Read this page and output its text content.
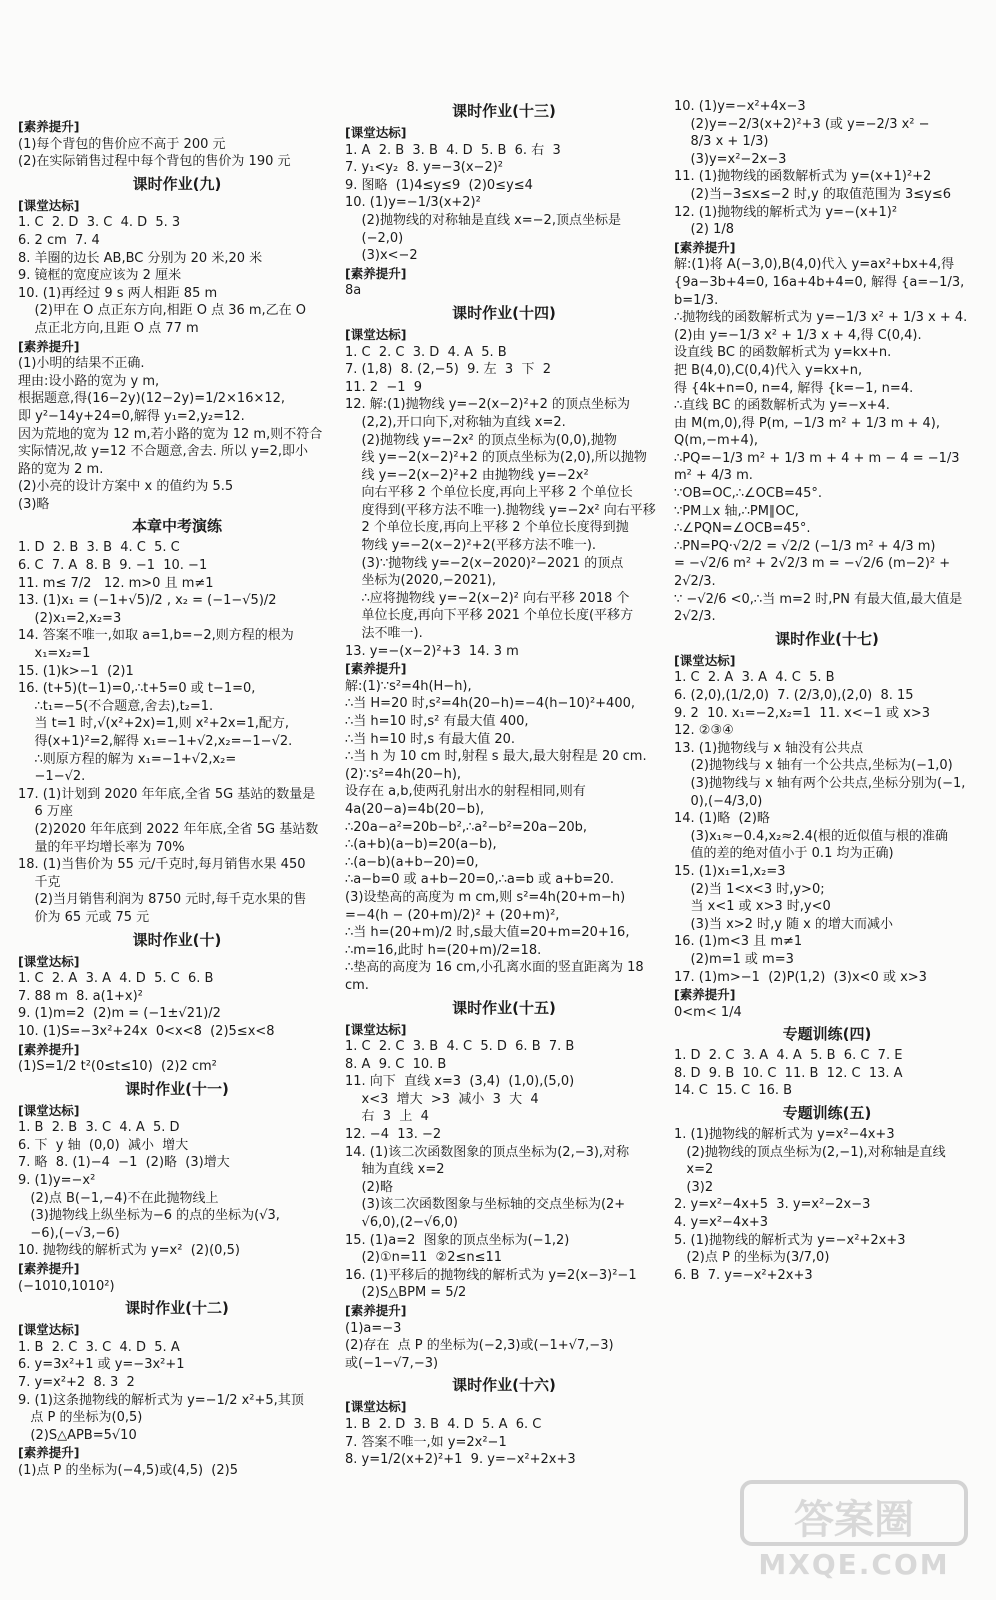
[素养提升]
(1)每个背包的售价应不高于 200 元
(2)在实际销售过程中每个背包的售价为 190 元
课时作业(九)
[课堂达标]
1. C  2. D  3. C  4. D  5. 3
6. 2 cm  7. 4
8. 羊圈的边长 AB,BC 分别为 20 米,20 米
9. 镜框的宽度应该为 2 厘米
10. (1)再经过 9 s 两人相距 85 m
(2)甲在 O 点正东方向,相距 O 点 36 m,乙在 O
点正北方向,且距 O 点 77 m
[素养提升]
(1)小明的结果不正确.
理由:设小路的宽为 y m,
根据题意,得(16−2y)(12−2y)=1/2×16×12,
即 y²−14y+24=0,解得 y₁=2,y₂=12.
因为荒地的宽为 12 m,若小路的宽为 12 m,则不符合
实际情况,故 y=12 不合题意,舍去. 所以 y=2,即小
路的宽为 2 m.
(2)小亮的设计方案中 x 的值约为 5.5
(3)略
本章中考演练
1. D  2. B  3. B  4. C  5. C
6. C  7. A  8. B  9. −1  10. −1
11. m≤ 7/2   12. m>0 且 m≠1
13. (1)x₁ = (−1+√5)/2 , x₂ = (−1−√5)/2
(2)x₁=2,x₂=3
14. 答案不唯一,如取 a=1,b=−2,则方程的根为
x₁=x₂=1
15. (1)k>−1  (2)1
16. (t+5)(t−1)=0,∴t+5=0 或 t−1=0,
∴t₁=−5(不合题意,舍去),t₂=1.
当 t=1 时,√(x²+2x)=1,则 x²+2x=1,配方,
得(x+1)²=2,解得 x₁=−1+√2,x₂=−1−√2.
∴则原方程的解为 x₁=−1+√2,x₂=
−1−√2.
17. (1)计划到 2020 年年底,全省 5G 基站的数量是
6 万座
(2)2020 年年底到 2022 年年底,全省 5G 基站数
量的年平均增长率为 70%
18. (1)当售价为 55 元/千克时,每月销售水果 450
千克
(2)当月销售利润为 8750 元时,每千克水果的售
价为 65 元或 75 元
课时作业(十)
[课堂达标]
1. C  2. A  3. A  4. D  5. C  6. B
7. 88 m  8. a(1+x)²
9. (1)m=2  (2)m = (−1±√21)/2
10. (1)S=−3x²+24x  0<x<8  (2)5≤x<8
[素养提升]
(1)S=1/2 t²(0≤t≤10)  (2)2 cm²
课时作业(十一)
[课堂达标]
1. B  2. B  3. C  4. A  5. D
6. 下  y 轴  (0,0)  减小  增大
7. 略  8. (1)−4  −1  (2)略  (3)增大
9. (1)y=−x²
(2)点 B(−1,−4)不在此抛物线上
(3)抛物线上纵坐标为−6 的点的坐标为(√3,
−6),(−√3,−6)
10. 抛物线的解析式为 y=x²  (2)(0,5)
[素养提升]
(−1010,1010²)
课时作业(十二)
[课堂达标]
1. B  2. C  3. C  4. D  5. A
6. y=3x²+1 或 y=−3x²+1
7. y=x²+2  8. 3  2
9. (1)这条抛物线的解析式为 y=−1/2 x²+5,其顶
点 P 的坐标为(0,5)
(2)S△APB=5√10
[素养提升]
(1)点 P 的坐标为(−4,5)或(4,5)  (2)5
课时作业(十三)
[课堂达标]
1. A  2. B  3. B  4. D  5. B  6. 右  3
7. y₁<y₂  8. y=−3(x−2)²
9. 图略  (1)4≤y≤9  (2)0≤y≤4
10. (1)y=−1/3(x+2)²
(2)抛物线的对称轴是直线 x=−2,顶点坐标是
(−2,0)
(3)x<−2
[素养提升]
8a
课时作业(十四)
[课堂达标]
1. C  2. C  3. D  4. A  5. B
7. (1,8)  8. (2,−5)  9. 左  3  下  2
11. 2  −1  9
12. 解:(1)抛物线 y=−2(x−2)²+2 的顶点坐标为
(2,2),开口向下,对称轴为直线 x=2.
(2)抛物线 y=−2x² 的顶点坐标为(0,0),抛物
线 y=−2(x−2)²+2 的顶点坐标为(2,0),所以抛物
线 y=−2(x−2)²+2 由抛物线 y=−2x²
向右平移 2 个单位长度,再向上平移 2 个单位长
度得到(平移方法不唯一).抛物线 y=−2x² 向右平移
2 个单位长度,再向上平移 2 个单位长度得到抛
物线 y=−2(x−2)²+2(平移方法不唯一).
(3)∵抛物线 y=−2(x−2020)²−2021 的顶点
坐标为(2020,−2021),
∴应将抛物线 y=−2(x−2)² 向右平移 2018 个
单位长度,再向下平移 2021 个单位长度(平移方
法不唯一).
13. y=−(x−2)²+3  14. 3 m
[素养提升]
解:(1)∵s²=4h(H−h),
∴当 H=20 时,s²=4h(20−h)=−4(h−10)²+400,
∴当 h=10 时,s² 有最大值 400,
∴当 h=10 时,s 有最大值 20.
∴当 h 为 10 cm 时,射程 s 最大,最大射程是 20 cm.
(2)∵s²=4h(20−h),
设存在 a,b,使两孔射出水的射程相同,则有
4a(20−a)=4b(20−b),
∴20a−a²=20b−b²,∴a²−b²=20a−20b,
∴(a+b)(a−b)=20(a−b),
∴(a−b)(a+b−20)=0,
∴a−b=0 或 a+b−20=0,∴a=b 或 a+b=20.
(3)设垫高的高度为 m cm,则 s²=4h(20+m−h)
=−4(h − (20+m)/2)² + (20+m)²,
∴当 h=(20+m)/2 时,s最大值=20+m=20+16,
∴m=16,此时 h=(20+m)/2=18.
∴垫高的高度为 16 cm,小孔离水面的竖直距离为 18 cm.
课时作业(十五)
[课堂达标]
1. C  2. C  3. B  4. C  5. D  6. B  7. B
8. A  9. C  10. B
11. 向下  直线 x=3  (3,4)  (1,0),(5,0)
x<3  增大  >3  减小  3  大  4
右  3  上  4
12. −4  13. −2
14. (1)该二次函数图象的顶点坐标为(2,−3),对称
轴为直线 x=2
(2)略
(3)该二次函数图象与坐标轴的交点坐标为(2+
√6,0),(2−√6,0)
15. (1)a=2  图象的顶点坐标为(−1,2)
(2)①n=11  ②2≤n≤11
16. (1)平移后的抛物线的解析式为 y=2(x−3)²−1
(2)S△BPM = 5/2
[素养提升]
(1)a=−3
(2)存在  点 P 的坐标为(−2,3)或(−1+√7,−3)
或(−1−√7,−3)
课时作业(十六)
[课堂达标]
1. B  2. D  3. B  4. D  5. A  6. C
7. 答案不唯一,如 y=2x²−1
8. y=1/2(x+2)²+1  9. y=−x²+2x+3
10. (1)y=−x²+4x−3
(2)y=−2/3(x+2)²+3 (或 y=−2/3 x² −
8/3 x + 1/3)
(3)y=x²−2x−3
11. (1)抛物线的函数解析式为 y=(x+1)²+2
(2)当−3≤x≤−2 时,y 的取值范围为 3≤y≤6
12. (1)抛物线的解析式为 y=−(x+1)²
(2) 1/8
[素养提升]
解:(1)将 A(−3,0),B(4,0)代入 y=ax²+bx+4,得
{9a−3b+4=0, 16a+4b+4=0, 解得 {a=−1/3, b=1/3.
∴抛物线的函数解析式为 y=−1/3 x² + 1/3 x + 4.
(2)由 y=−1/3 x² + 1/3 x + 4,得 C(0,4).
设直线 BC 的函数解析式为 y=kx+n.
把 B(4,0),C(0,4)代入 y=kx+n,
得 {4k+n=0, n=4, 解得 {k=−1, n=4.
∴直线 BC 的函数解析式为 y=−x+4.
由 M(m,0),得 P(m, −1/3 m² + 1/3 m + 4),
Q(m,−m+4),
∴PQ=−1/3 m² + 1/3 m + 4 + m − 4 = −1/3 m² + 4/3 m.
∵OB=OC,∴∠OCB=45°.
∵PM⊥x 轴,∴PM∥OC,
∴∠PQN=∠OCB=45°.
∴PN=PQ·√2/2 = √2/2 (−1/3 m² + 4/3 m)
= −√2/6 m² + 2√2/3 m = −√2/6 (m−2)² + 2√2/3.
∵ −√2/6 <0,∴当 m=2 时,PN 有最大值,最大值是 2√2/3.
课时作业(十七)
[课堂达标]
1. C  2. A  3. A  4. C  5. B
6. (2,0),(1/2,0)  7. (2/3,0),(2,0)  8. 15
9. 2  10. x₁=−2,x₂=1  11. x<−1 或 x>3
12. ②③④
13. (1)抛物线与 x 轴没有公共点
(2)抛物线与 x 轴有一个公共点,坐标为(−1,0)
(3)抛物线与 x 轴有两个公共点,坐标分别为(−1,
0),(−4/3,0)
14. (1)略  (2)略
(3)x₁≈−0.4,x₂≈2.4(根的近似值与根的准确
值的差的绝对值小于 0.1 均为正确)
15. (1)x₁=1,x₂=3
(2)当 1<x<3 时,y>0;
当 x<1 或 x>3 时,y<0
(3)当 x>2 时,y 随 x 的增大而减小
16. (1)m<3 且 m≠1
(2)m=1 或 m=3
17. (1)m>−1  (2)P(1,2)  (3)x<0 或 x>3
[素养提升]
0<m< 1/4
专题训练(四)
1. D  2. C  3. A  4. A  5. B  6. C  7. E
8. D  9. B  10. C  11. B  12. C  13. A
14. C  15. C  16. B
专题训练(五)
1. (1)抛物线的解析式为 y=x²−4x+3
(2)抛物线的顶点坐标为(2,−1),对称轴是直线
x=2
(3)2
2. y=x²−4x+5  3. y=x²−2x−3
4. y=x²−4x+3
5. (1)抛物线的解析式为 y=−x²+2x+3
(2)点 P 的坐标为(3/7,0)
6. B  7. y=−x²+2x+3
答案圈
MXQE.COM
